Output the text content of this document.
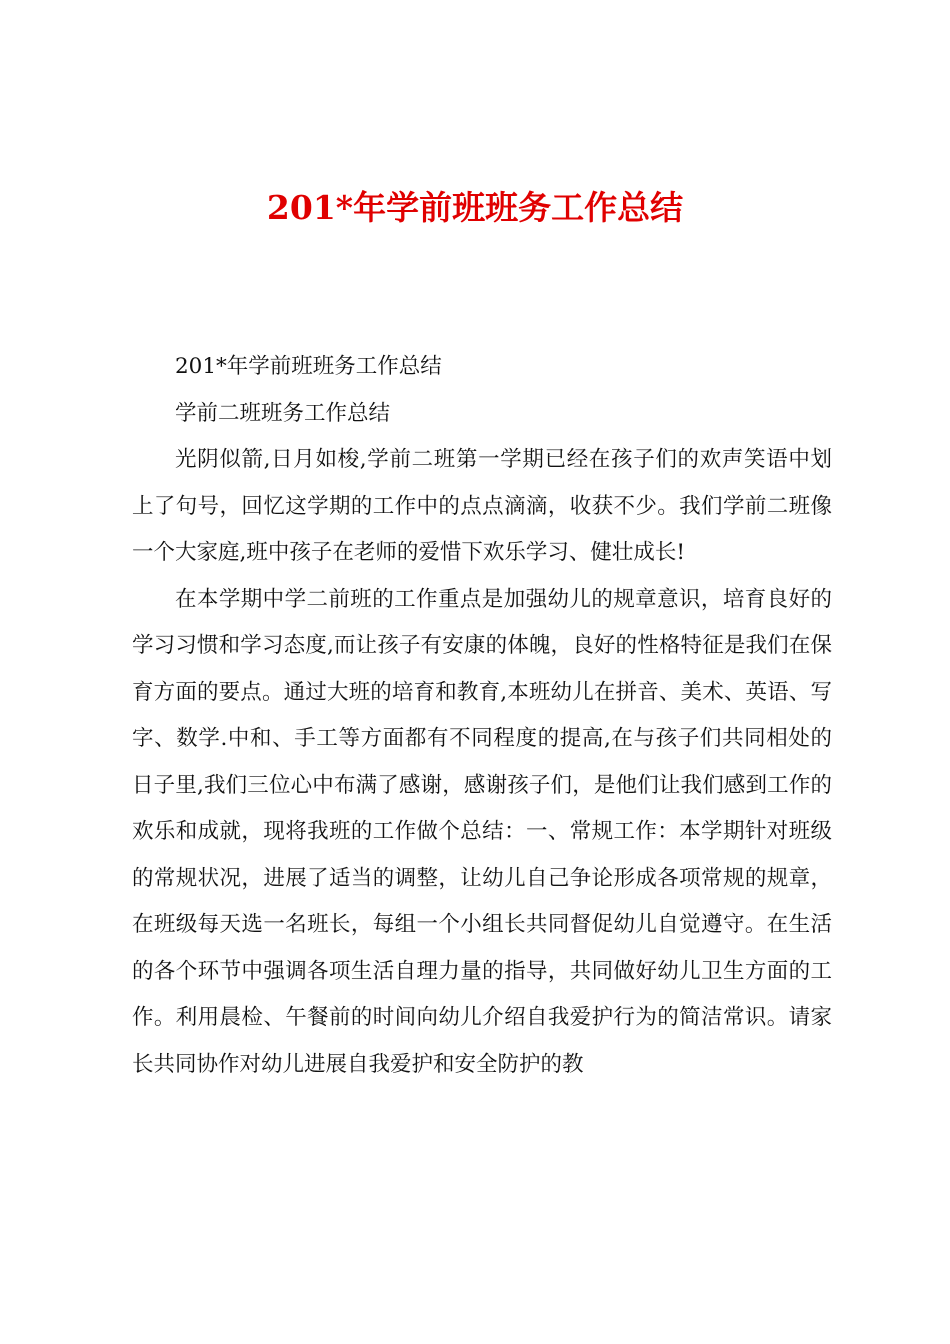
201*年学前班班务工作总结

201*年学前班班务工作总结

学前二班班务工作总结

光阴似箭,日月如梭,学前二班第一学期已经在孩子们的欢声笑语中划上了句号，回忆这学期的工作中的点点滴滴，收获不少。我们学前二班像一个大家庭,班中孩子在老师的爱惜下欢乐学习、健壮成长!

在本学期中学二前班的工作重点是加强幼儿的规章意识，培育良好的学习习惯和学习态度,而让孩子有安康的体魄，良好的性格特征是我们在保育方面的要点。通过大班的培育和教育,本班幼儿在拼音、美术、英语、写字、数学.中和、手工等方面都有不同程度的提高,在与孩子们共同相处的日子里,我们三位心中布满了感谢，感谢孩子们，是他们让我们感到工作的欢乐和成就，现将我班的工作做个总结：一、常规工作：本学期针对班级的常规状况，进展了适当的调整，让幼儿自己争论形成各项常规的规章，在班级每天选一名班长，每组一个小组长共同督促幼儿自觉遵守。在生活的各个环节中强调各项生活自理力量的指导，共同做好幼儿卫生方面的工作。利用晨检、午餐前的时间向幼儿介绍自我爱护行为的简洁常识。请家长共同协作对幼儿进展自我爱护和安全防护的教
